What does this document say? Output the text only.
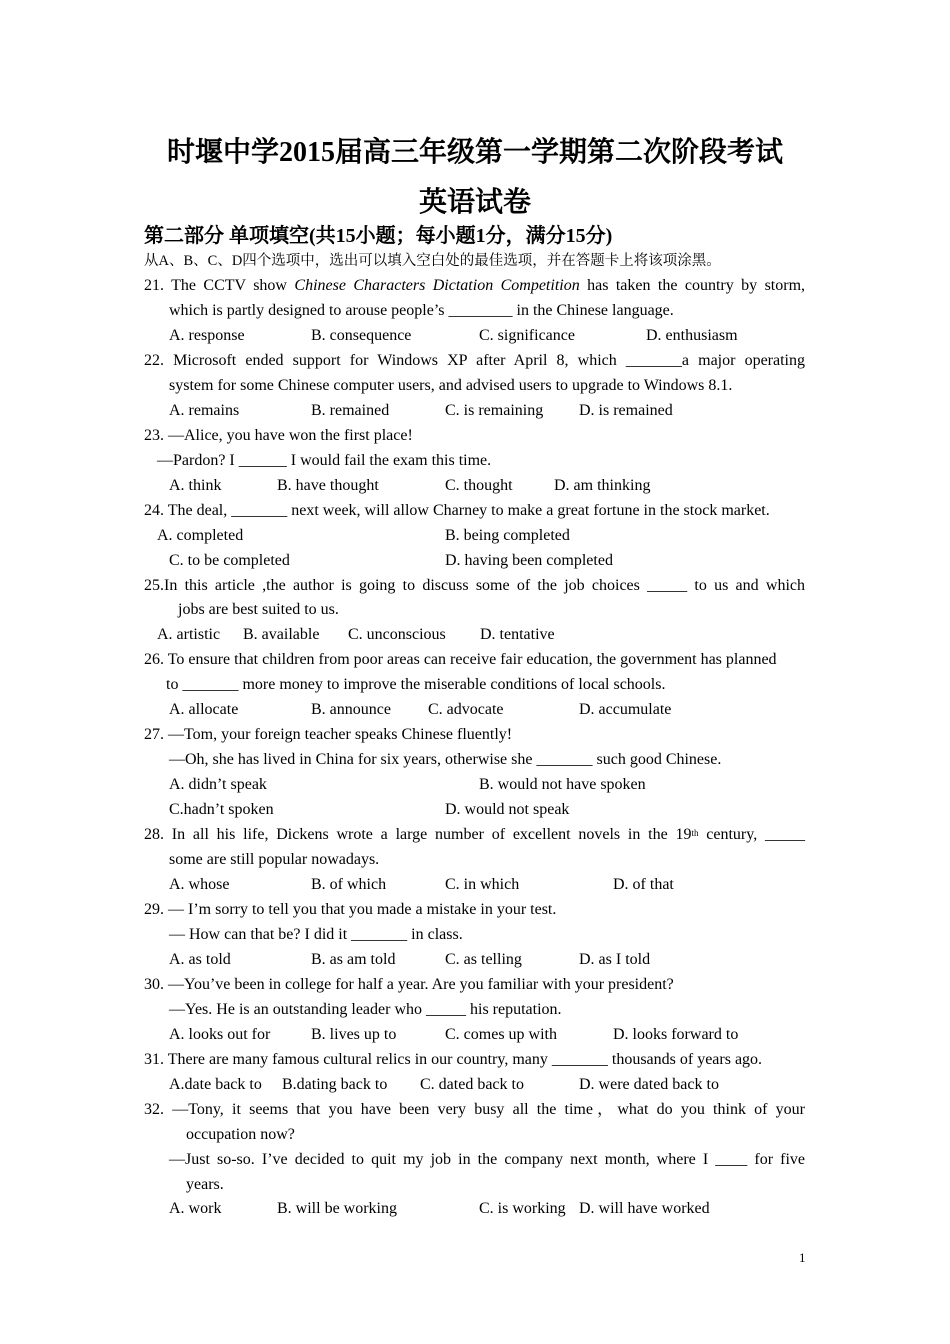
时堰中学2015届高三年级第一学期第二次阶段考试
英语试卷
第二部分 单项填空(共15小题；每小题1分，满分15分)
从A、B、C、D四个选项中，选出可以填入空白处的最佳选项，并在答题卡上将该项涂黑。
21. The CCTV show Chinese Characters Dictation Competition has taken the country by storm,
which is partly designed to arouse people’s ________ in the Chinese language.
A. response	B. consequence	C. significance	D. enthusiasm
22. Microsoft ended support for Windows XP after April 8, which _______a major operating
system for some Chinese computer users, and advised users to upgrade to Windows 8.1.
A. remains	B. remained	C. is remaining D. is remained
23. —Alice, you have won the first place!
—Pardon? I ______ I would fail the exam this time.
A. think	B. have thought	C. thought	D. am thinking
24. The deal, _______ next week, will allow Charney to make a great fortune in the stock market.
A. completed	B. being completed
C. to be completed	D. having been completed
25.In this article ,the author is going to discuss some of the job choices _____ to us and which
jobs are best suited to us.
A. artistic B. available C. unconscious D. tentative
26. To ensure that children from poor areas can receive fair education, the government has planned
to _______ more money to improve the miserable conditions of local schools.
A. allocate	B. announce C. advocate	D. accumulate
27. —Tom, your foreign teacher speaks Chinese fluently!
—Oh, she has lived in China for six years, otherwise she _______ such good Chinese.
A. didn’t speak	B. would not have spoken
C.hadn’t spoken	D. would not speak
28. In all his life, Dickens wrote a large number of excellent novels in the 19th century, _____
some are still popular nowadays.
A. whose	B. of which	C. in which	D. of that
29. — I’m sorry to tell you that you made a mistake in your test.
— How can that be? I did it _______ in class.
A. as told	B. as am told	C. as telling	D. as I told
30. —You’ve been in college for half a year. Are you familiar with your president?
—Yes. He is an outstanding leader who _____ his reputation.
A. looks out for	B. lives up to	C. comes up with	D. looks forward to
31. There are many famous cultural relics in our country, many _______ thousands of years ago.
A.date back to B.dating back to C. dated back to	D. were dated back to
32. —Tony, it seems that you have been very busy all the time，what do you think of your
occupation now?
—Just so-so. I’ve decided to quit my job in the company next month, where I ____ for five
years.
A. work	B. will be working	C. is working D. will have worked
1
